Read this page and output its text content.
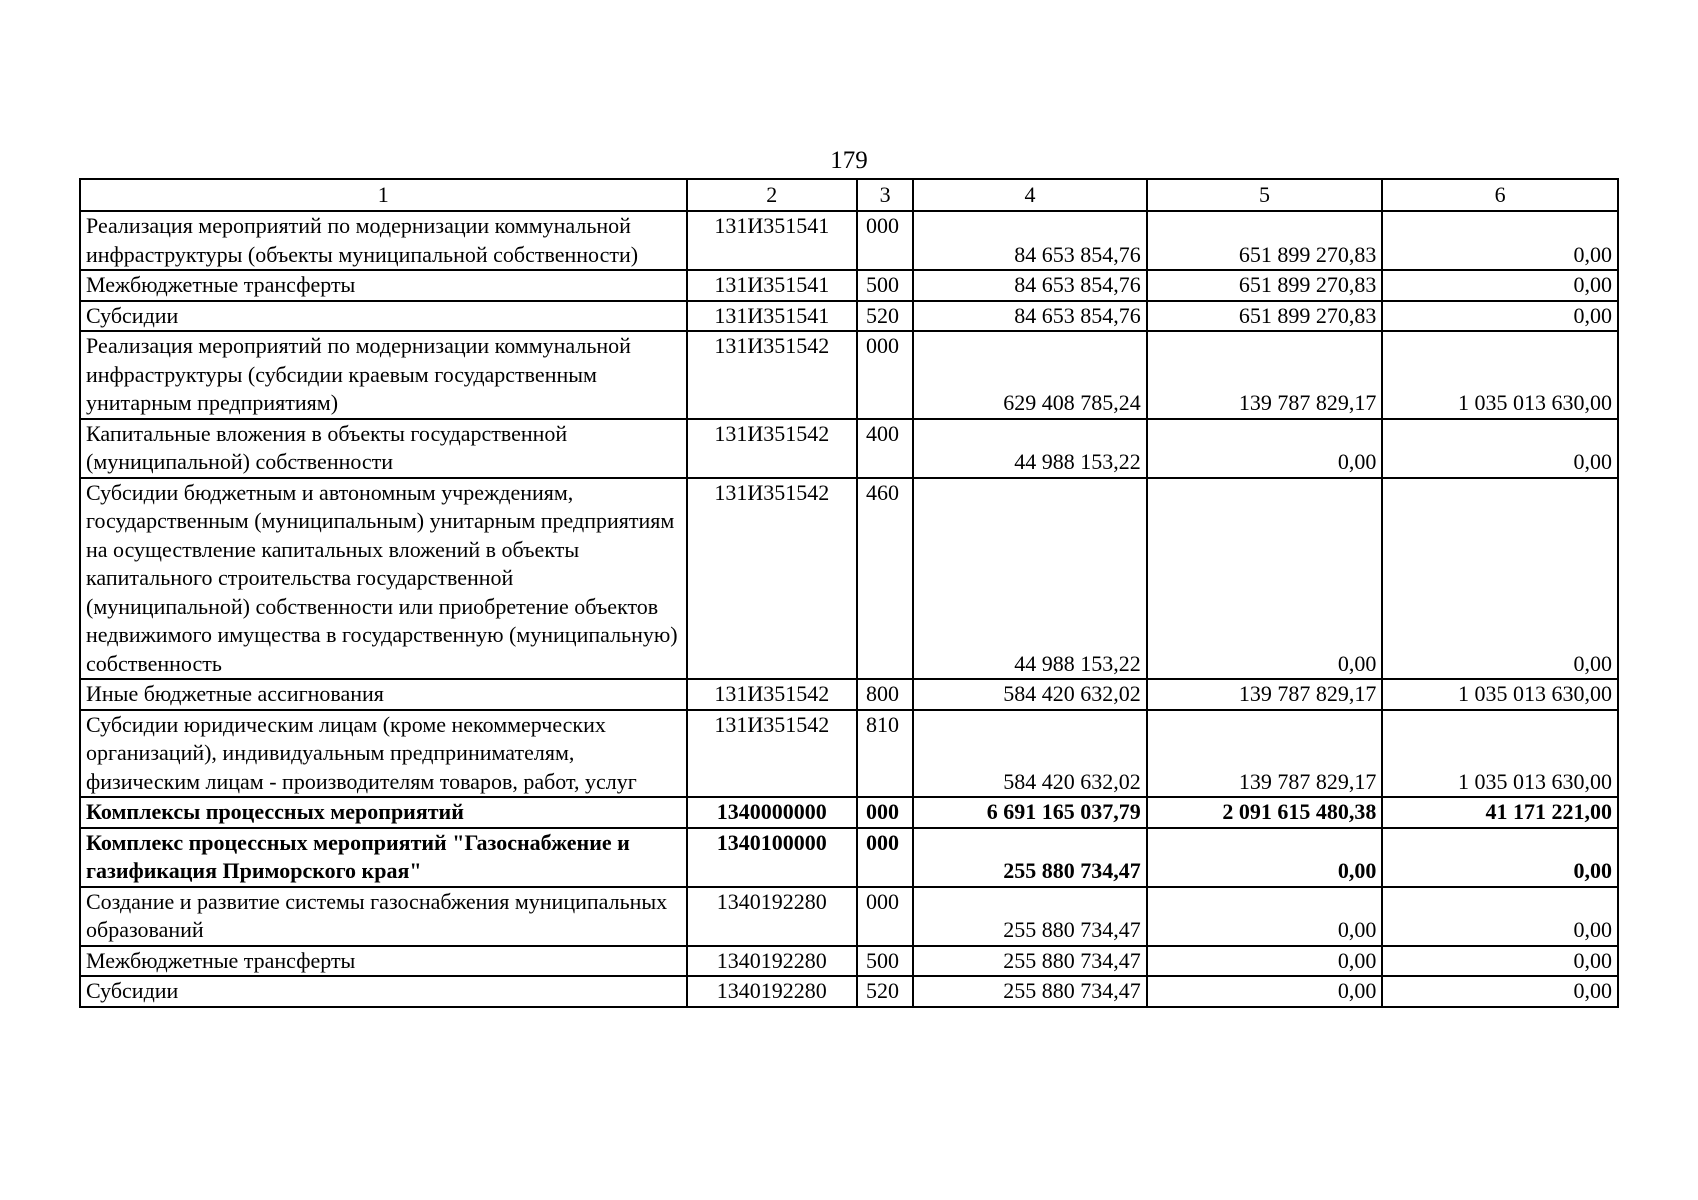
179
1	2	3	4	5	6
Реализация мероприятий по модернизации коммунальной инфраструктуры (объекты муниципальной собственности)	131И351541	000	84 653 854,76	651 899 270,83	0,00
Межбюджетные трансферты	131И351541	500	84 653 854,76	651 899 270,83	0,00
Субсидии	131И351541	520	84 653 854,76	651 899 270,83	0,00
Реализация мероприятий по модернизации коммунальной инфраструктуры (субсидии краевым государственным унитарным предприятиям)	131И351542	000	629 408 785,24	139 787 829,17	1 035 013 630,00
Капитальные вложения в объекты государственной (муниципальной) собственности	131И351542	400	44 988 153,22	0,00	0,00
Субсидии бюджетным и автономным учреждениям, государственным (муниципальным) унитарным предприятиям на осуществление капитальных вложений в объекты капитального строительства государственной (муниципальной) собственности или приобретение объектов недвижимого имущества в государственную (муниципальную) собственность	131И351542	460	44 988 153,22	0,00	0,00
Иные бюджетные ассигнования	131И351542	800	584 420 632,02	139 787 829,17	1 035 013 630,00
Субсидии юридическим лицам (кроме некоммерческих организаций), индивидуальным предпринимателям, физическим лицам - производителям товаров, работ, услуг	131И351542	810	584 420 632,02	139 787 829,17	1 035 013 630,00
Комплексы процессных мероприятий	1340000000	000	6 691 165 037,79	2 091 615 480,38	41 171 221,00
Комплекс процессных мероприятий "Газоснабжение и газификация Приморского края"	1340100000	000	255 880 734,47	0,00	0,00
Создание и развитие системы газоснабжения муниципальных образований	1340192280	000	255 880 734,47	0,00	0,00
Межбюджетные трансферты	1340192280	500	255 880 734,47	0,00	0,00
Субсидии	1340192280	520	255 880 734,47	0,00	0,00
